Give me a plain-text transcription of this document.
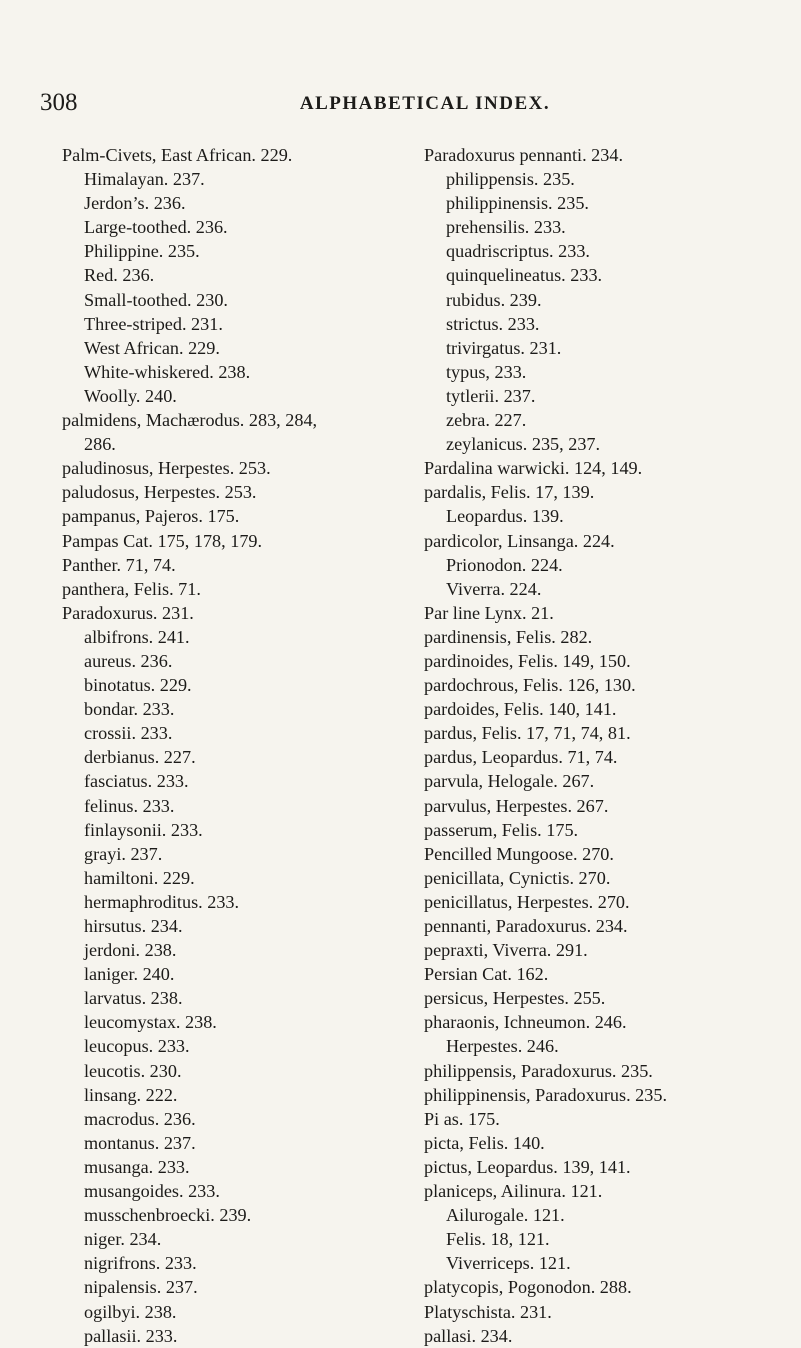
308	ALPHABETICAL INDEX.
Palm-Civets, East African. 229.
Himalayan. 237.
Jerdon’s. 236.
Large-toothed. 236.
Philippine. 235.
Red. 236.
Small-toothed. 230.
Three-striped. 231.
West African. 229.
White-whiskered. 238.
Woolly. 240.
palmidens, Machærodus. 283, 284,
286.
paludinosus, Herpestes. 253.
paludosus, Herpestes. 253.
pampanus, Pajeros. 175.
Pampas Cat. 175, 178, 179.
Panther. 71, 74.
panthera, Felis. 71.
Paradoxurus. 231.
albifrons. 241.
aureus. 236.
binotatus. 229.
bondar. 233.
crossii. 233.
derbianus. 227.
fasciatus. 233.
felinus. 233.
finlaysonii. 233.
grayi. 237.
hamiltoni. 229.
hermaphroditus. 233.
hirsutus. 234.
jerdoni. 238.
laniger. 240.
larvatus. 238.
leucomystax. 238.
leucopus. 233.
leucotis. 230.
linsang. 222.
macrodus. 236.
montanus. 237.
musanga. 233.
musangoides. 233.
musschenbroecki. 239.
niger. 234.
nigrifrons. 233.
nipalensis. 237.
ogilbyi. 238.
pallasii. 233.
Paradoxurus pennanti. 234.
philippensis. 235.
philippinensis. 235.
prehensilis. 233.
quadriscriptus. 233.
quinquelineatus. 233.
rubidus. 239.
strictus. 233.
trivirgatus. 231.
typus, 233.
tytlerii. 237.
zebra. 227.
zeylanicus. 235, 237.
Pardalina warwicki. 124, 149.
pardalis, Felis. 17, 139.
Leopardus. 139.
pardicolor, Linsanga. 224.
Prionodon. 224.
Viverra. 224.
Par line Lynx. 21.
pardinensis, Felis. 282.
pardinoides, Felis. 149, 150.
pardochrous, Felis. 126, 130.
pardoides, Felis. 140, 141.
pardus, Felis. 17, 71, 74, 81.
pardus, Leopardus. 71, 74.
parvula, Helogale. 267.
parvulus, Herpestes. 267.
passerum, Felis. 175.
Pencilled Mungoose. 270.
penicillata, Cynictis. 270.
penicillatus, Herpestes. 270.
pennanti, Paradoxurus. 234.
pepraxti, Viverra. 291.
Persian Cat. 162.
persicus, Herpestes. 255.
pharaonis, Ichneumon. 246.
Herpestes. 246.
philippensis, Paradoxurus. 235.
philippinensis, Paradoxurus. 235.
Pi as. 175.
picta, Felis. 140.
pictus, Leopardus. 139, 141.
planiceps, Ailinura. 121.
Ailurogale. 121.
Felis. 18, 121.
Viverriceps. 121.
platycopis, Pogonodon. 288.
Platyschista. 231.
pallasi. 234.
